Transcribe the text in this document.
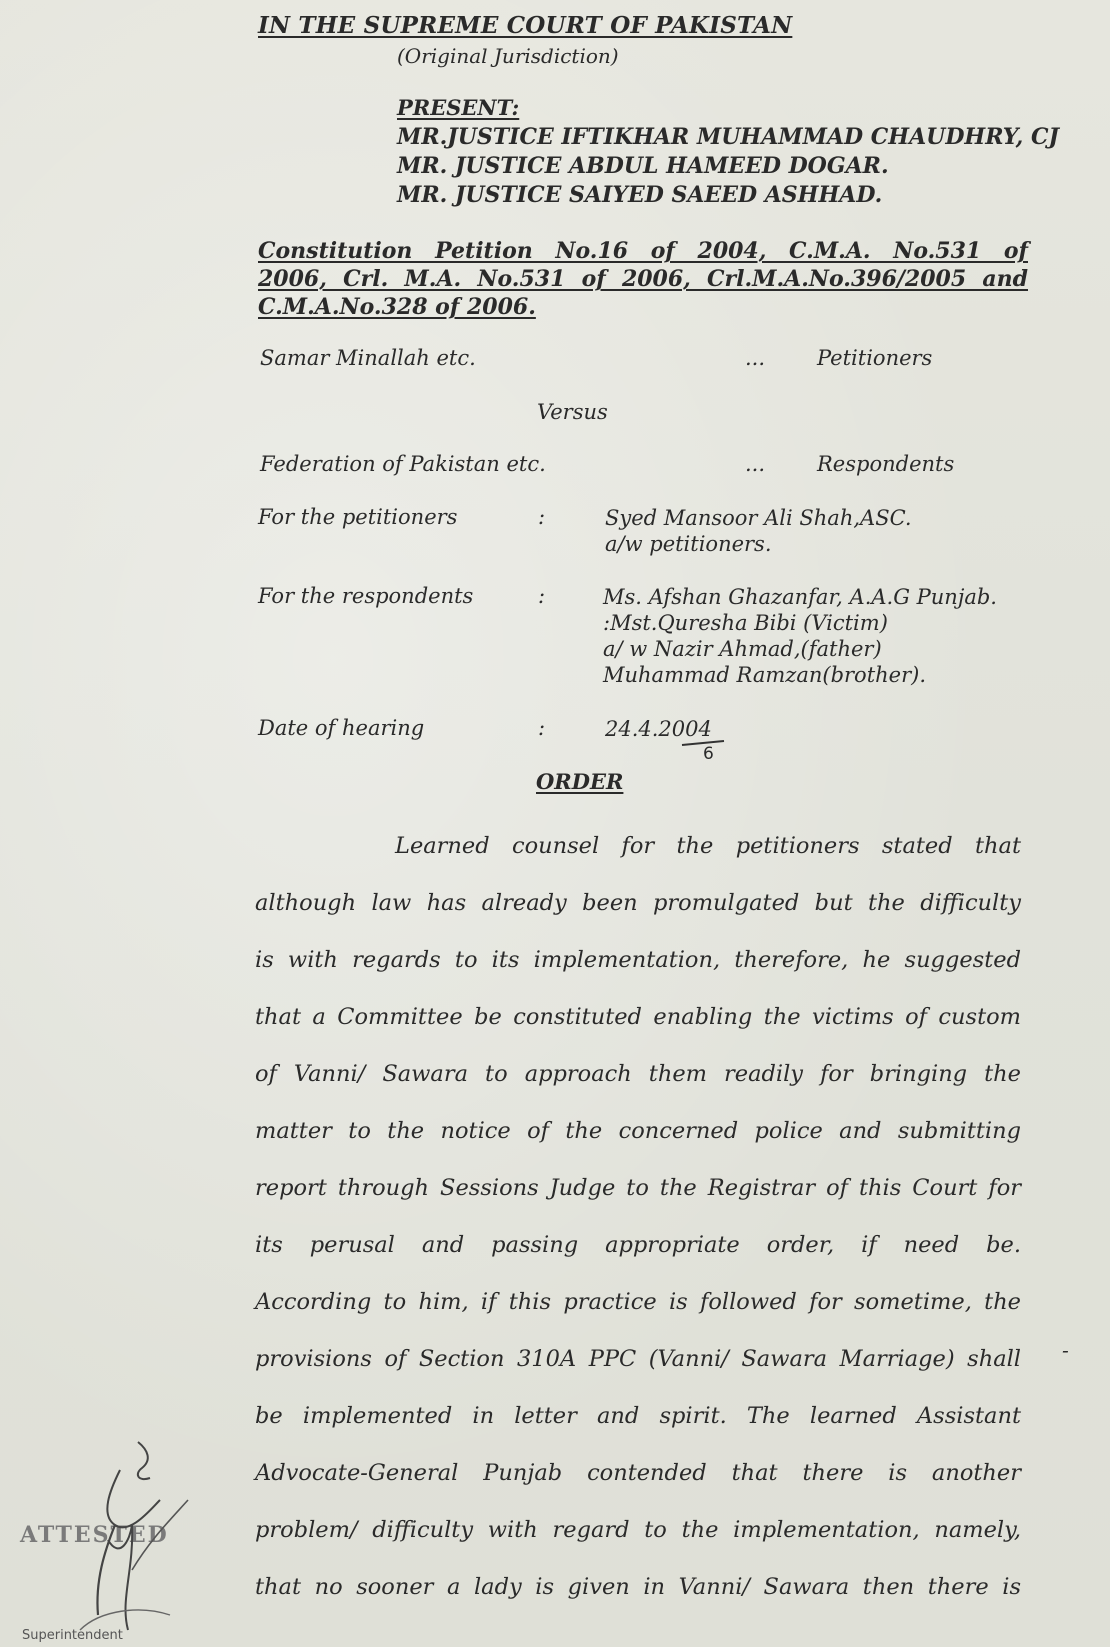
IN THE SUPREME COURT OF PAKISTAN
(Original Jurisdiction)
PRESENT:
MR.JUSTICE IFTIKHAR MUHAMMAD CHAUDHRY, CJ
MR. JUSTICE ABDUL HAMEED DOGAR.
MR. JUSTICE SAIYED SAEED ASHHAD.
Constitution Petition No.16 of 2004, C.M.A. No.531 of
2006, Crl. M.A. No.531 of 2006, Crl.M.A.No.396/2005 and
C.M.A.No.328 of 2006.
Samar Minallah etc.	... Petitioners
Versus
Federation of Pakistan etc.	... Respondents
For the petitioners	:	Syed Mansoor Ali Shah,ASC.
a/w petitioners.
For the respondents	:	Ms. Afshan Ghazanfar, A.A.G Punjab.
:Mst.Quresha Bibi (Victim)
a/ w Nazir Ahmad,(father)
Muhammad Ramzan(brother).
Date of hearing	:	24.4.2004
6
ORDER
Learned counsel for the petitioners stated that
although law has already been promulgated but the difficulty
is with regards to its implementation, therefore, he suggested
that a Committee be constituted enabling the victims of custom
of Vanni/ Sawara to approach them readily for bringing the
matter to the notice of the concerned police and submitting
report through Sessions Judge to the Registrar of this Court for
its perusal and passing appropriate order, if need be.
According to him, if this practice is followed for sometime, the
provisions of Section 310A PPC (Vanni/ Sawara Marriage) shall
be implemented in letter and spirit. The learned Assistant
Advocate-General Punjab contended that there is another
problem/ difficulty with regard to the implementation, namely,
that no sooner a lady is given in Vanni/ Sawara then there is
-
ATTESTED
Superintendent
